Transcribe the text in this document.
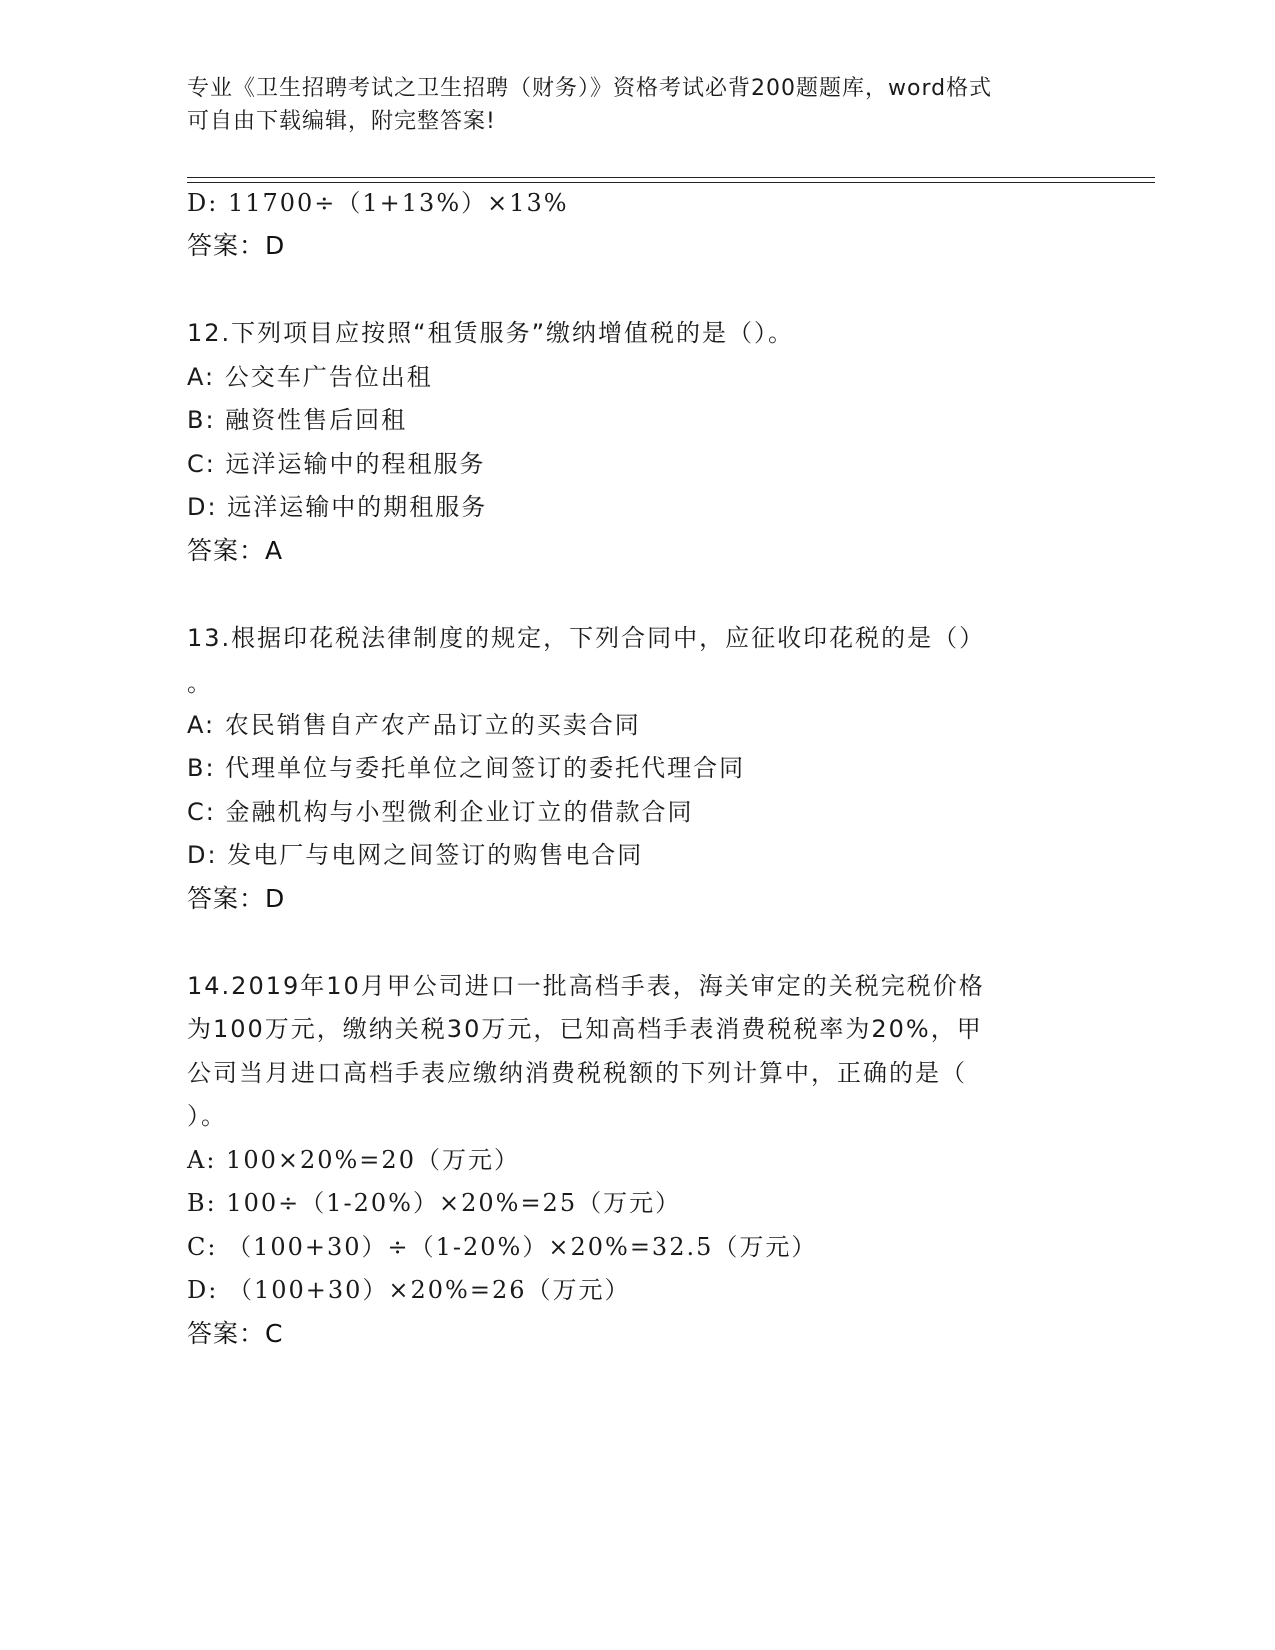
专业《卫生招聘考试之卫生招聘（财务）》资格考试必背200题题库，word格式
可自由下载编辑，附完整答案!
D: 11700÷（1+13%）×13%
答案：D
12.下列项目应按照“租赁服务”缴纳增值税的是（）。
A: 公交车广告位出租
B: 融资性售后回租
C: 远洋运输中的程租服务
D: 远洋运输中的期租服务
答案：A
13.根据印花税法律制度的规定，下列合同中，应征收印花税的是（）
。
A: 农民销售自产农产品订立的买卖合同
B: 代理单位与委托单位之间签订的委托代理合同
C: 金融机构与小型微利企业订立的借款合同
D: 发电厂与电网之间签订的购售电合同
答案：D
14.2019年10月甲公司进口一批高档手表，海关审定的关税完税价格
为100万元，缴纳关税30万元，已知高档手表消费税税率为20%，甲
公司当月进口高档手表应缴纳消费税税额的下列计算中，正确的是（
）。
A: 100×20%=20（万元）
B: 100÷（1-20%）×20%=25（万元）
C: （100+30）÷（1-20%）×20%=32.5（万元）
D: （100+30）×20%=26（万元）
答案：C
